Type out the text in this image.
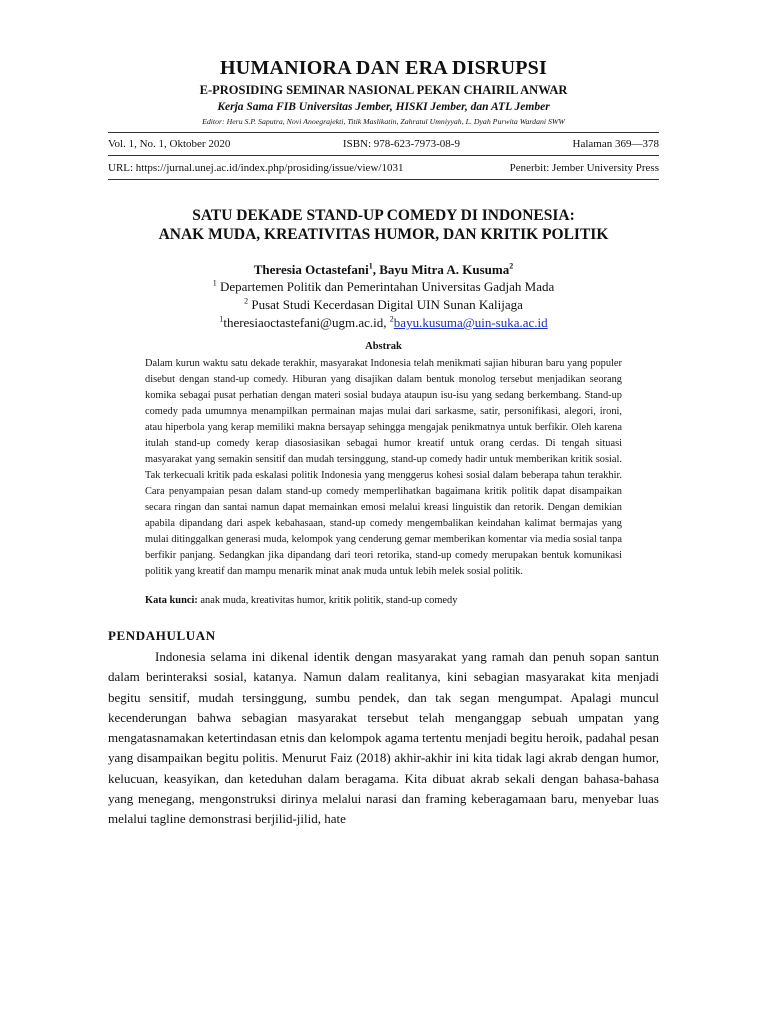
HUMANIORA DAN ERA DISRUPSI
E-PROSIDING SEMINAR NASIONAL PEKAN CHAIRIL ANWAR
Kerja Sama FIB Universitas Jember, HISKI Jember, dan ATL Jember
Editor: Heru S.P. Saputra, Novi Anoegrajekti, Titik Maslikatin, Zahratul Umniyyah, L. Dyah Purwita Wardani SWW
Vol. 1, No. 1, Oktober 2020	ISBN: 978-623-7973-08-9	Halaman 369—378
URL: https://jurnal.unej.ac.id/index.php/prosiding/issue/view/1031	Penerbit: Jember University Press
SATU DEKADE STAND-UP COMEDY DI INDONESIA:
ANAK MUDA, KREATIVITAS HUMOR, DAN KRITIK POLITIK
Theresia Octastefani$^1$, Bayu Mitra A. Kusuma$^2$
$^1$ Departemen Politik dan Pemerintahan Universitas Gadjah Mada
$^2$ Pusat Studi Kecerdasan Digital UIN Sunan Kalijaga
$^1$theresiaoctastefani@ugm.ac.id, $^2$bayu.kusuma@uin-suka.ac.id
Abstrak
Dalam kurun waktu satu dekade terakhir, masyarakat Indonesia telah menikmati sajian hiburan baru yang populer disebut dengan stand-up comedy. Hiburan yang disajikan dalam bentuk monolog tersebut menjadikan seorang komika sebagai pusat perhatian dengan materi sosial budaya ataupun isu-isu yang sedang berkembang. Stand-up comedy pada umumnya menampilkan permainan majas mulai dari sarkasme, satir, personifikasi, alegori, ironi, atau hiperbola yang kerap memiliki makna bersayap sehingga mengajak penikmatnya untuk berfikir. Oleh karena itulah stand-up comedy kerap diasosiasikan sebagai humor kreatif untuk orang cerdas. Di tengah situasi masyarakat yang semakin sensitif dan mudah tersinggung, stand-up comedy hadir untuk memberikan kritik sosial. Tak terkecuali kritik pada eskalasi politik Indonesia yang menggerus kohesi sosial dalam beberapa tahun terakhir. Cara penyampaian pesan dalam stand-up comedy memperlihatkan bagaimana kritik politik dapat disampaikan secara ringan dan santai namun dapat memainkan emosi melalui kreasi linguistik dan retorik. Dengan demikian apabila dipandang dari aspek kebahasaan, stand-up comedy mengembalikan keindahan kalimat bermajas yang mulai ditinggalkan generasi muda, kelompok yang cenderung gemar memberikan komentar via media sosial tanpa berfikir panjang. Sedangkan jika dipandang dari teori retorika, stand-up comedy merupakan bentuk komunikasi politik yang kreatif dan mampu menarik minat anak muda untuk lebih melek sosial politik.
Kata kunci: anak muda, kreativitas humor, kritik politik, stand-up comedy
PENDAHULUAN
Indonesia selama ini dikenal identik dengan masyarakat yang ramah dan penuh sopan santun dalam berinteraksi sosial, katanya. Namun dalam realitanya, kini sebagian masyarakat kita menjadi begitu sensitif, mudah tersinggung, sumbu pendek, dan tak segan mengumpat. Apalagi muncul kecenderungan bahwa sebagian masyarakat tersebut telah menganggap sebuah umpatan yang mengatasnamakan ketertindasan etnis dan kelompok agama tertentu menjadi begitu heroik, padahal pesan yang disampaikan begitu politis. Menurut Faiz (2018) akhir-akhir ini kita tidak lagi akrab dengan humor, kelucuan, keasyikan, dan keteduhan dalam beragama. Kita dibuat akrab sekali dengan bahasa-bahasa yang menegang, mengonstruksi dirinya melalui narasi dan framing keberagamaan baru, menyebar luas melalui tagline demonstrasi berjilid-jilid, hate
